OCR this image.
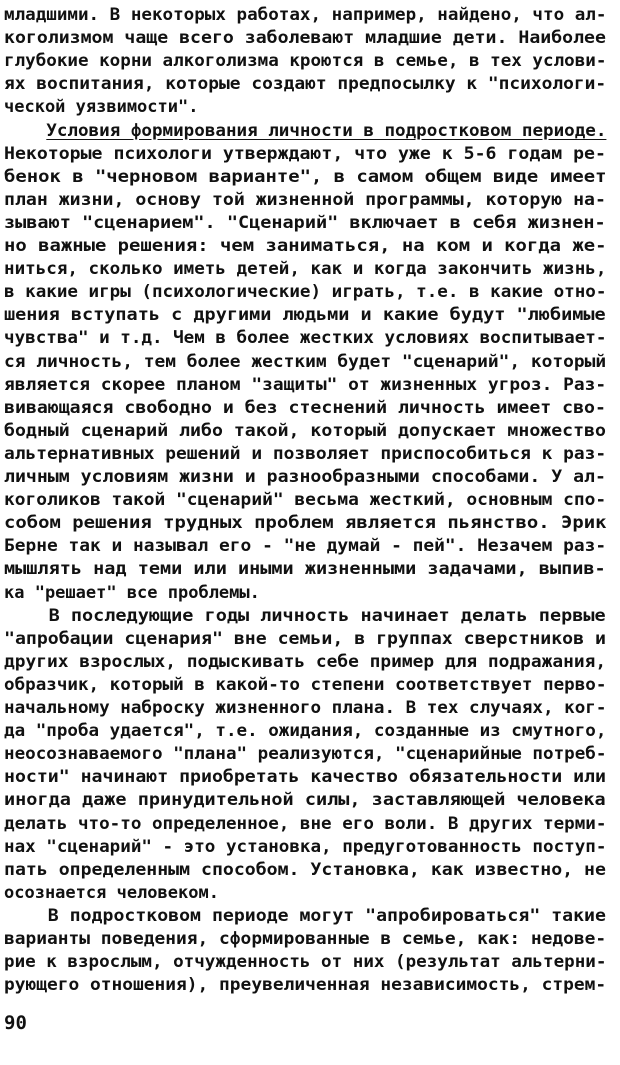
младшими. В некоторых работах, например, найдено, что ал-
коголизмом чаще всего заболевают младшие дети. Наиболее
глубокие корни алкоголизма кроются в семье, в тех услови-
ях воспитания, которые создают предпосылку к "психологи-
ческой уязвимости".
Условия формирования личности в подростковом периоде.
Некоторые психологи утверждают, что уже к 5-6 годам ре-
бенок в "черновом варианте", в самом общем виде имеет
план жизни, основу той жизненной программы, которую на-
зывают "сценарием". "Сценарий" включает в себя жизнен-
но важные решения: чем заниматься, на ком и когда же-
ниться, сколько иметь детей, как и когда закончить жизнь,
в какие игры (психологические) играть, т.е. в какие отно-
шения вступать с другими людьми и какие будут "любимые
чувства" и т.д. Чем в более жестких условиях воспитывает-
ся личность, тем более жестким будет "сценарий", который
является скорее планом "защиты" от жизненных угроз. Раз-
вивающаяся свободно и без стеснений личность имеет сво-
бодный сценарий либо такой, который допускает множество
альтернативных решений и позволяет приспособиться к раз-
личным условиям жизни и разнообразными способами. У ал-
коголиков такой "сценарий" весьма жесткий, основным спо-
собом решения трудных проблем является пьянство. Эрик
Берне так и называл его - "не думай - пей". Незачем раз-
мышлять над теми или иными жизненными задачами, выпив-
ка "решает" все проблемы.
В последующие годы личность начинает делать первые
"апробации сценария" вне семьи, в группах сверстников и
других взрослых, подыскивать себе пример для подражания,
образчик, который в какой-то степени соответствует перво-
начальному наброску жизненного плана. В тех случаях, ког-
да "проба удается", т.е. ожидания, созданные из смутного,
неосознаваемого "плана" реализуются, "сценарийные потреб-
ности" начинают приобретать качество обязательности или
иногда даже принудительной силы, заставляющей человека
делать что-то определенное, вне его воли. В других терми-
нах "сценарий" - это установка, предуготованность поступ-
пать определенным способом. Установка, как известно, не
осознается человеком.
В подростковом периоде могут "апробироваться" такие
варианты поведения, сформированные в семье, как: недове-
рие к взрослым, отчужденность от них (результат альтерни-
рующего отношения), преувеличенная независимость, стрем-
90
